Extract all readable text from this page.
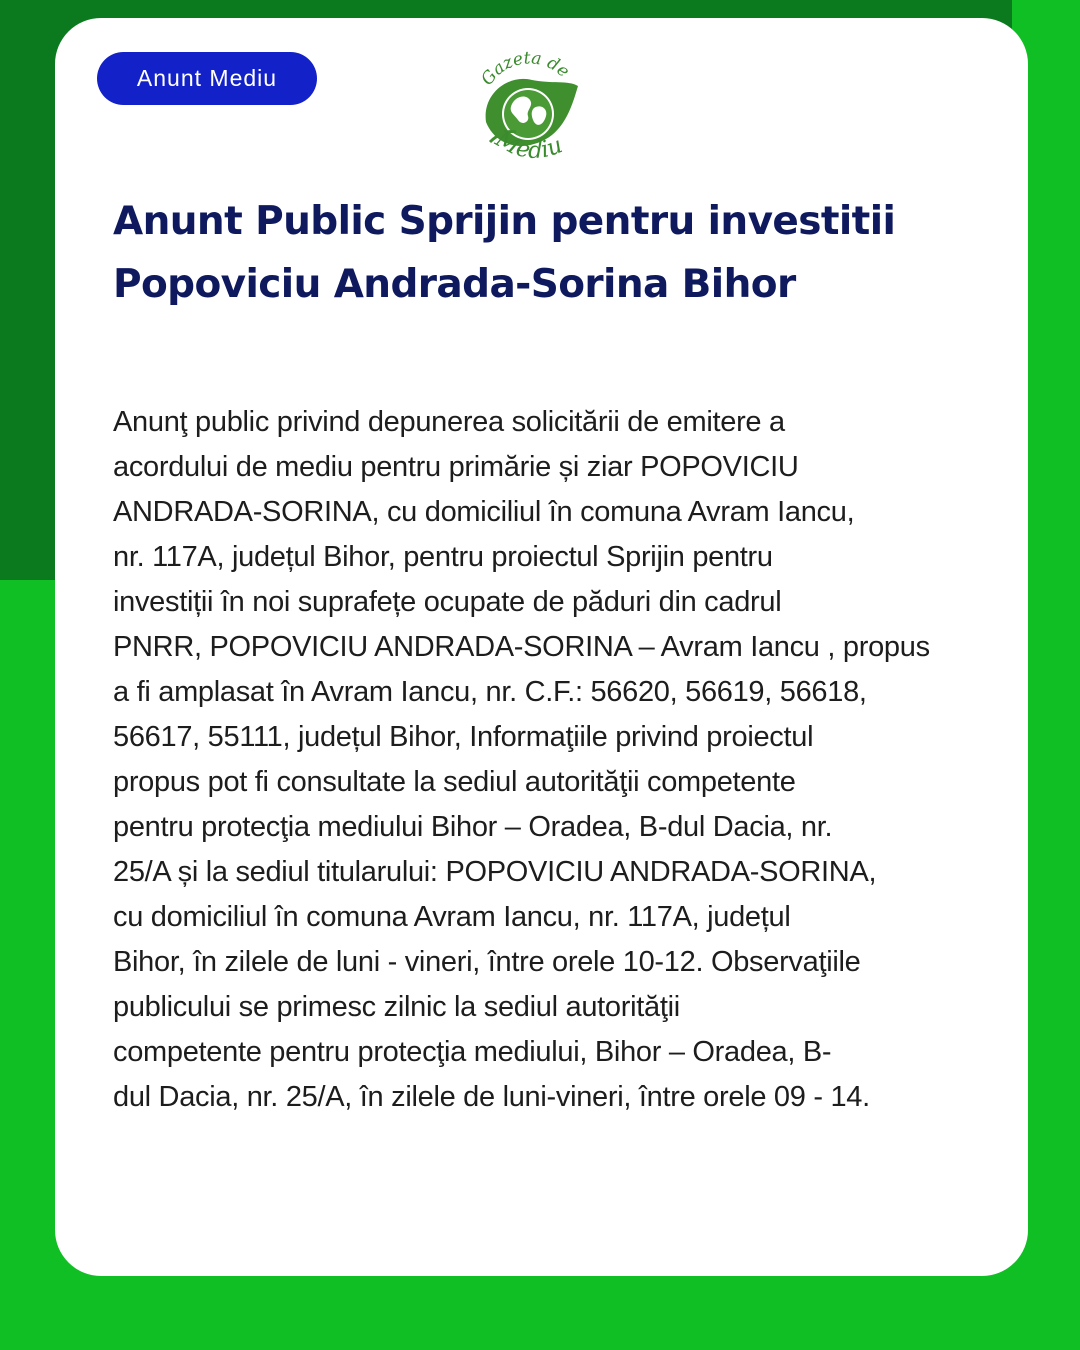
Anunt Mediu	Gazeta de
Mediu
Anunt Public Sprijin pentru investitii
Popoviciu Andrada-Sorina Bihor
Anunţ public privind depunerea solicitării de emitere a
acordului de mediu pentru primărie și ziar POPOVICIU
ANDRADA-SORINA, cu domiciliul în comuna Avram Iancu,
nr. 117A, județul Bihor, pentru proiectul Sprijin pentru
investiții în noi suprafețe ocupate de păduri din cadrul
PNRR, POPOVICIU ANDRADA-SORINA – Avram Iancu , propus
a fi amplasat în Avram Iancu, nr. C.F.: 56620, 56619, 56618,
56617, 55111, județul Bihor, Informaţiile privind proiectul
propus pot fi consultate la sediul autorităţii competente
pentru protecţia mediului Bihor – Oradea, B-dul Dacia, nr.
25/A și la sediul titularului: POPOVICIU ANDRADA-SORINA,
cu domiciliul în comuna Avram Iancu, nr. 117A, județul
Bihor, în zilele de luni - vineri, între orele 10-12. Observaţiile
publicului se primesc zilnic la sediul autorităţii
competente pentru protecţia mediului, Bihor – Oradea, B-
dul Dacia, nr. 25/A, în zilele de luni-vineri, între orele 09 - 14.
